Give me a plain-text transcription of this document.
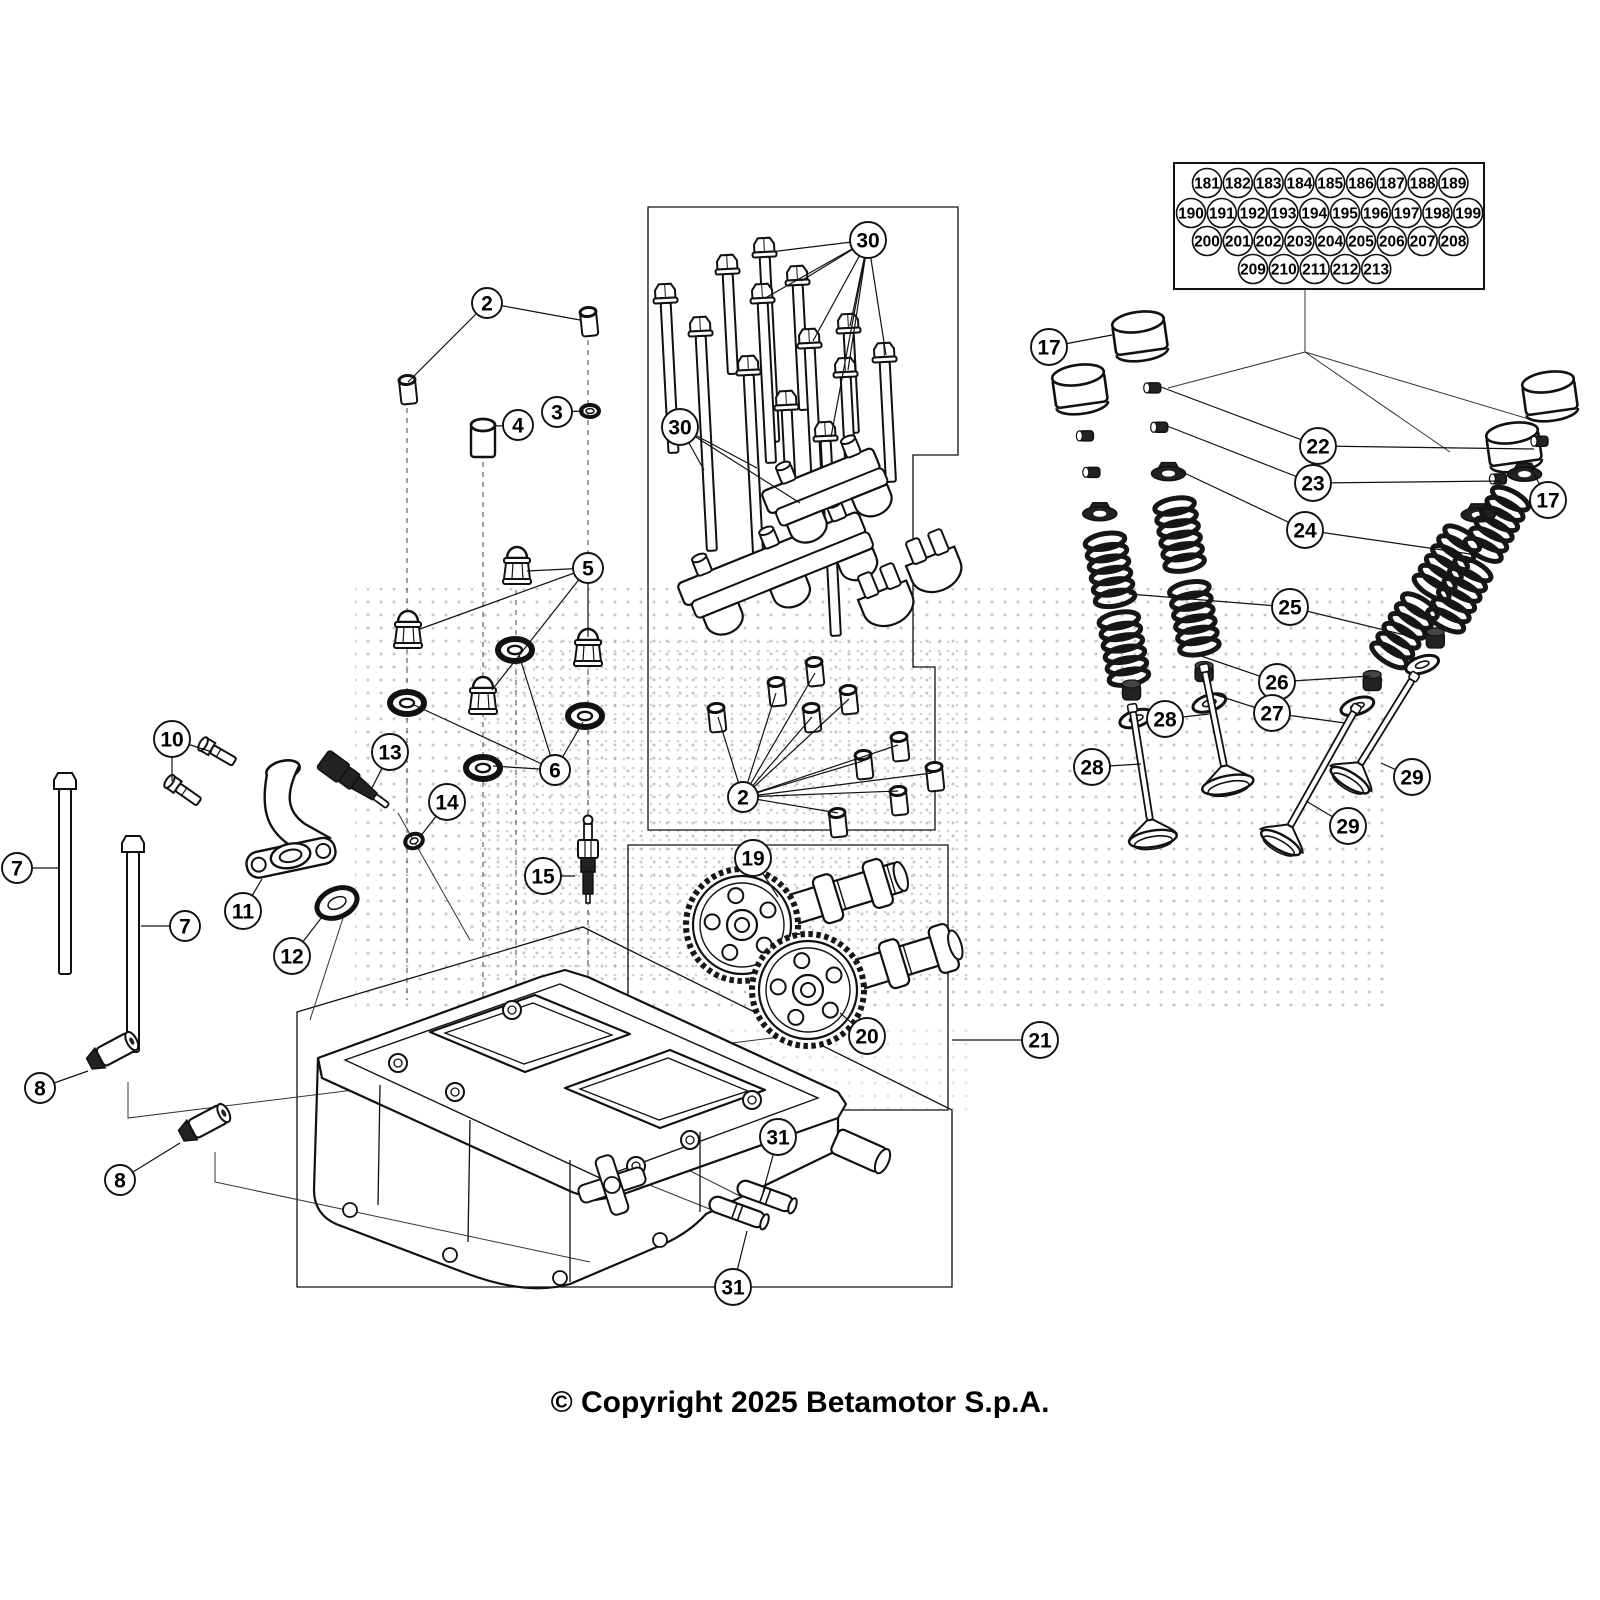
2
3
4
30
30
5
6
13
14
10
7
7
11
12
15
8
8
2
19
20	21
31
31
17
17
22
23
24
25
26
27
28
28	29
29
181 182 183 184 185 186 187 188 189
190 191 192 193 194 195 196 197 198 199
200 201 202 203 204 205 206 207 208
209 210 211 212 213
© Copyright 2025 Betamotor S.p.A.
